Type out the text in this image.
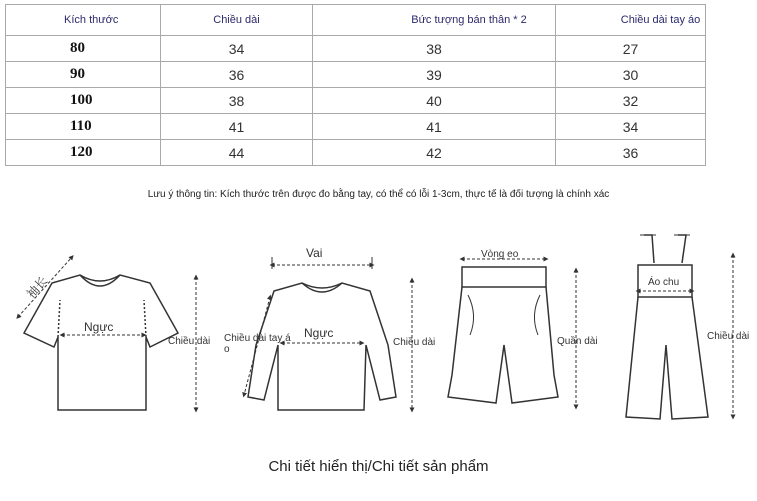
Kích thước	Chiều dài	Bức tượng bán thân * 2	Chiều dài tay áo
80	34	38	27
90	36	39	30
100	38	40	32
110	41	41	34
120	44	42	36
Lưu ý thông tin: Kích thước trên được đo bằng tay, có thể có lỗi 1-3cm, thực tế là đối tượng là chính xác
袖长
Ngực
Chiều dài
Vai
Chiều dài tay á
o
Ngực
Chiều dài
Vòng eo
Quần dài
Áo chu
Chiều dài
Chi tiết hiển thị/Chi tiết sản phẩm
